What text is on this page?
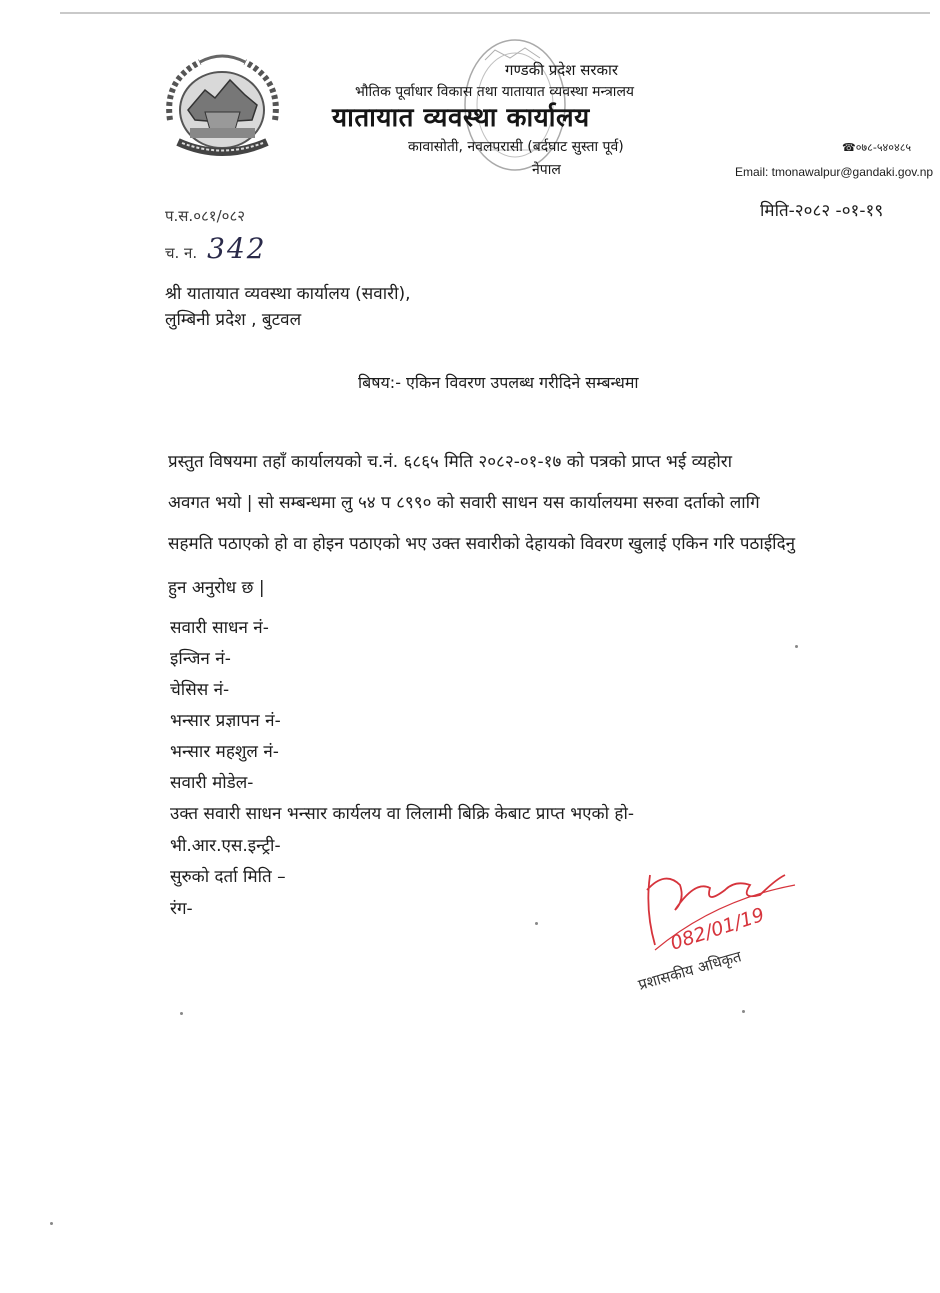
गण्डकी प्रदेश सरकार
भौतिक पूर्वाधार विकास तथा यातायात व्यवस्था मन्त्रालय
यातायात व्यवस्था कार्यालय
कावासोती, नवलपरासी (बर्दघाट सुस्ता पूर्व)
नेपाल
☎०७८-५४०४८५
Email: tmonawalpur@gandaki.gov.np
मिति-२०८२ -०१-१९
प.स.०८१/०८२
च. न. 342
श्री यातायात व्यवस्था कार्यालय (सवारी),
लुम्बिनी प्रदेश , बुटवल
बिषय:- एकिन विवरण उपलब्ध गरीदिने सम्बन्धमा
प्रस्तुत विषयमा तहाँ कार्यालयको च.नं. ६८६५ मिति २०८२-०१-१७ को पत्रको प्राप्त भई व्यहोरा
अवगत भयो | सो सम्बन्धमा लु ५४ प ८९९० को सवारी साधन यस कार्यालयमा सरुवा दर्ताको लागि
सहमति पठाएको हो वा होइन पठाएको भए उक्त सवारीको देहायको विवरण खुलाई एकिन गरि पठाईदिनु
हुन अनुरोध छ |
सवारी साधन नं-
इन्जिन नं-
चेसिस नं-
भन्सार प्रज्ञापन नं-
भन्सार महशुल नं-
सवारी मोडेल-
उक्त सवारी साधन भन्सार कार्यलय वा लिलामी बिक्रि केबाट प्राप्त भएको हो-
भी.आर.एस.इन्ट्री-
सुरुको दर्ता मिति –
रंग-	082/01/19
प्रशासकीय अधिकृत
